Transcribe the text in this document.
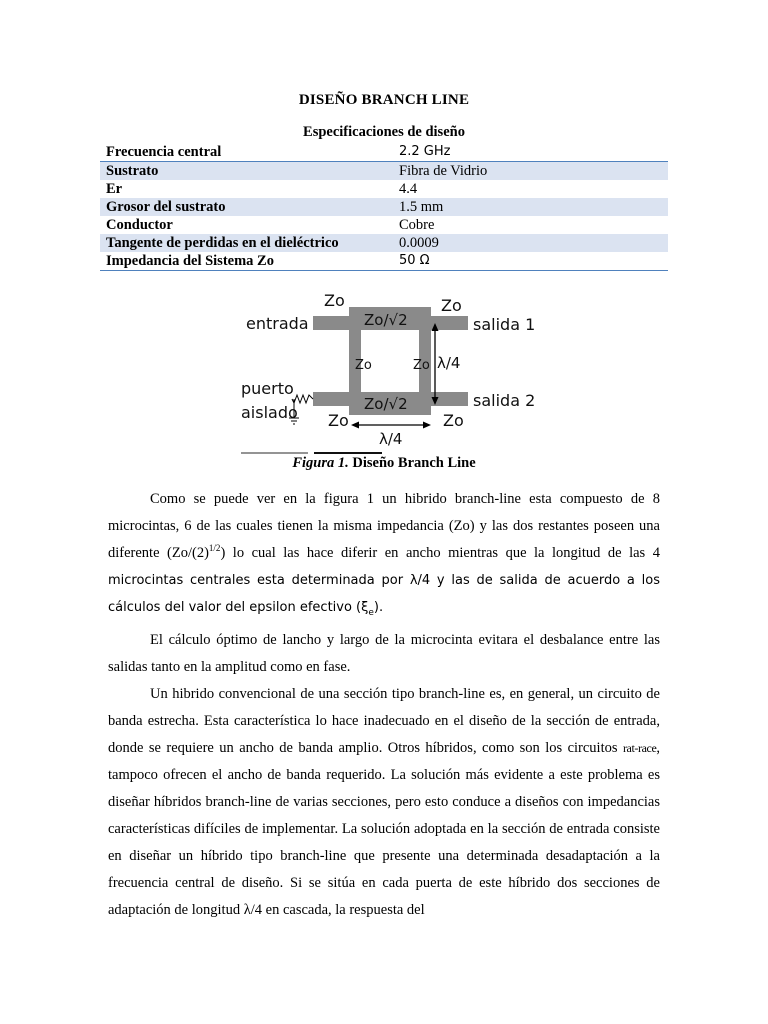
DISEÑO BRANCH LINE
Especificaciones de diseño
Frecuencia central	2.2 GHz
Sustrato	Fibra de Vidrio
Er	4.4
Grosor del sustrato	1.5 mm
Conductor	Cobre
Tangente de perdidas en el dieléctrico	0.0009
Impedancia del Sistema Zo	50 Ω
Zo	Zo
entrada	salida 1
Zo/√2
Zo	Zo λ/4
puerto
aislado	Zo/√2	salida 2
Zo	Zo
λ/4
Figura 1. Diseño Branch Line

Como se puede ver en la figura 1 un hibrido branch-line esta compuesto de 8 microcintas, 6 de las cuales tienen la misma impedancia (Zo) y las dos restantes poseen una diferente $(Zo/(2)^{1/2})$ lo cual las hace diferir en ancho mientras que la longitud de las 4 microcintas centrales esta determinada por λ/4 y las de salida de acuerdo a los cálculos del valor del epsilon efectivo $(\xi_e)$.

El cálculo óptimo de lancho y largo de la microcinta evitara el desbalance entre las salidas tanto en la amplitud como en fase.

Un hibrido convencional de una sección tipo branch-line es, en general, un circuito de banda estrecha. Esta característica lo hace inadecuado en el diseño de la sección de entrada, donde se requiere un ancho de banda amplio. Otros híbridos, como son los circuitos rat-race, tampoco ofrecen el ancho de banda requerido. La solución más evidente a este problema es diseñar híbridos branch-line de varias secciones, pero esto conduce a diseños con impedancias características difíciles de implementar. La solución adoptada en la sección de entrada consiste en diseñar un híbrido tipo branch-line que presente una determinada desadaptación a la frecuencia central de diseño. Si se sitúa en cada puerta de este híbrido dos secciones de adaptación de longitud λ/4 en cascada, la respuesta del
